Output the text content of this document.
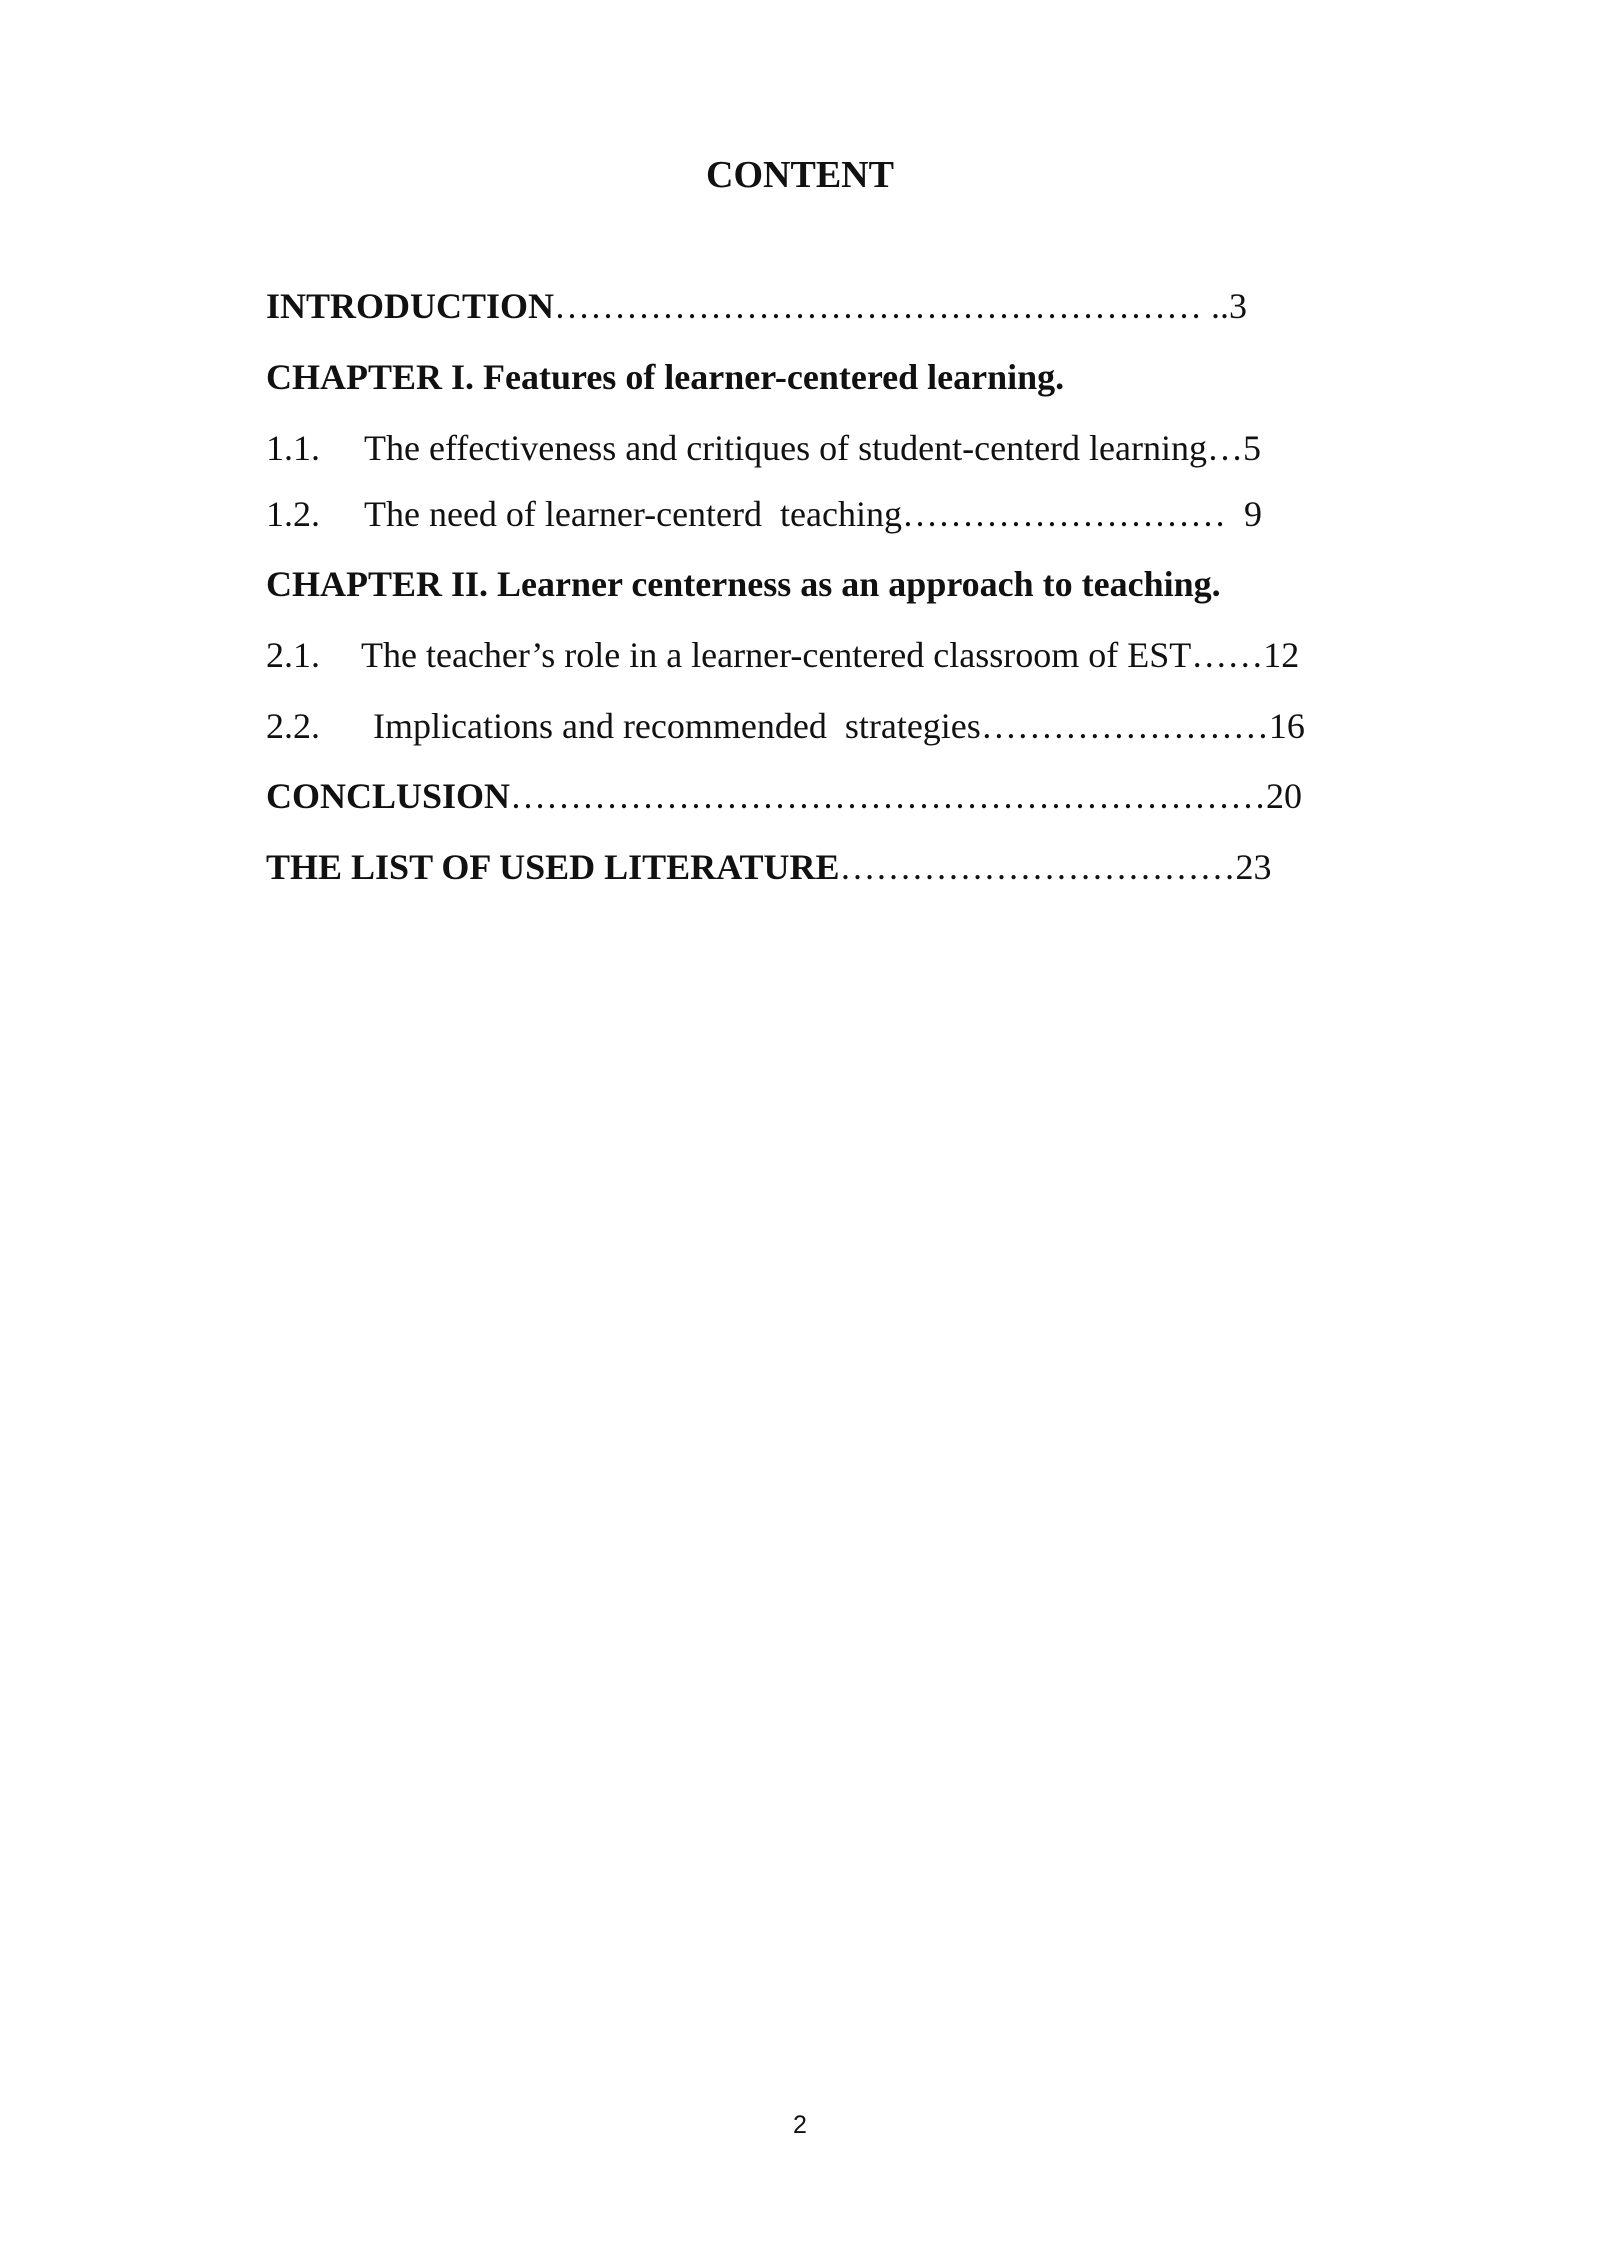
CONTENT

INTRODUCTION……………………………………………… ..3

CHAPTER I. Features of learner-centered learning.

1.1. The effectiveness and critiques of student-centerd learning…5

1.2. The need of learner-centerd  teaching………………………  9

CHAPTER II. Learner centerness as an approach to teaching.

2.1. The teacher’s role in a learner-centered classroom of EST……12

2.2. Implications and recommended  strategies……………………16

CONCLUSION………………………………………………………20

THE LIST OF USED LITERATURE……………………………23

2
